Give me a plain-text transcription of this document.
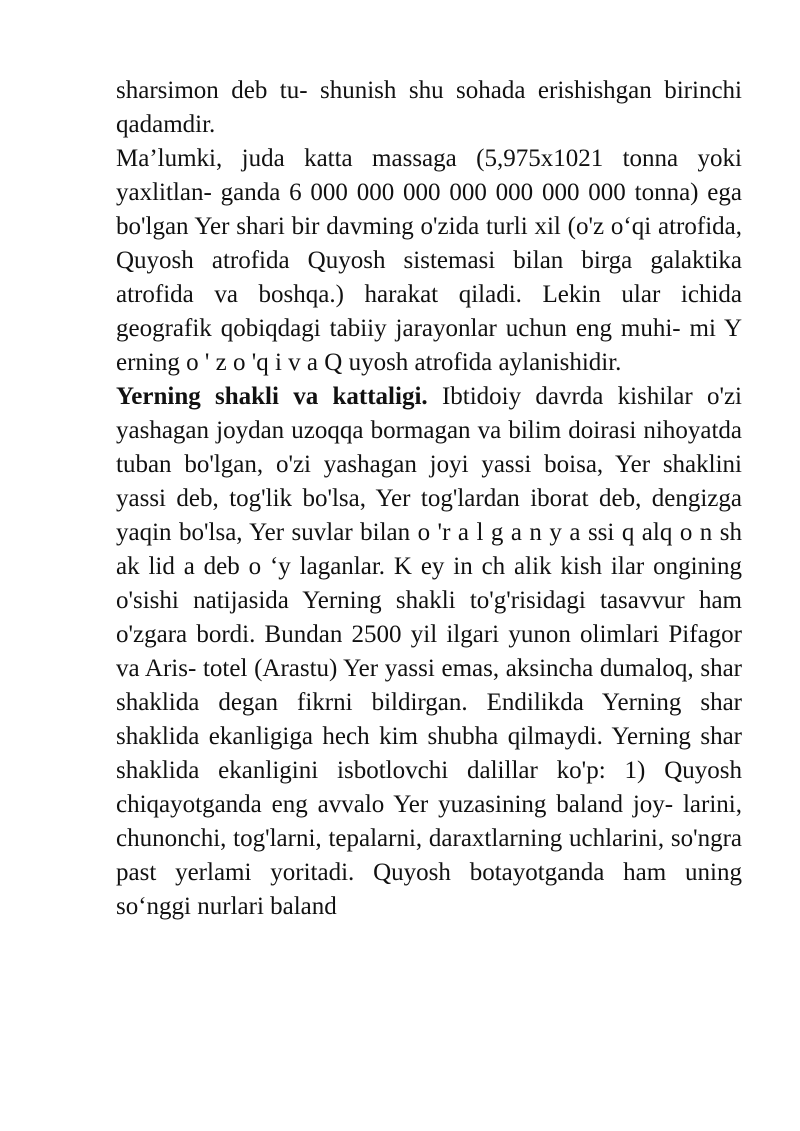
sharsimon deb tu- shunish shu sohada erishishgan birinchi qadamdir.

Ma’lumki, juda katta massaga (5,975x1021 tonna yoki yaxlitlan- ganda 6 000 000 000 000 000 000 000 tonna) ega bo'lgan Yer shari bir davming o'zida turli xil (o'z o‘qi atrofida, Quyosh atrofida Quyosh sistemasi bilan birga galaktika atrofida va boshqa.) harakat qiladi. Lekin ular ichida geografik qobiqdagi tabiiy jarayonlar uchun eng muhi- mi Y erning o ' z o 'q i v a Q uyosh atrofida aylanishidir.

Yerning shakli va kattaligi. Ibtidoiy davrda kishilar o'zi yashagan joydan uzoqqa bormagan va bilim doirasi nihoyatda tuban bo'lgan, o'zi yashagan joyi yassi boisa, Yer shaklini yassi deb, tog'lik bo'lsa, Yer tog'lardan iborat deb, dengizga yaqin bo'lsa, Yer suvlar bilan o 'r a l g a n y a ssi q alq o n sh ak lid a deb o ‘y laganlar. K ey in ch alik kish ilar ongining o'sishi natijasida Yerning shakli to'g'risidagi tasavvur ham o'zgara bordi. Bundan 2500 yil ilgari yunon olimlari Pifagor va Aris- totel (Arastu) Yer yassi emas, aksincha dumaloq, shar shaklida degan fikrni bildirgan. Endilikda Yerning shar shaklida ekanligiga hech kim shubha qilmaydi. Yerning shar shaklida ekanligini isbotlovchi dalillar ko'p: 1) Quyosh chiqayotganda eng avvalo Yer yuzasining baland joy- larini, chunonchi, tog'larni, tepalarni, daraxtlarning uchlarini, so'ngra past yerlami yoritadi. Quyosh botayotganda ham uning so‘nggi nurlari baland
